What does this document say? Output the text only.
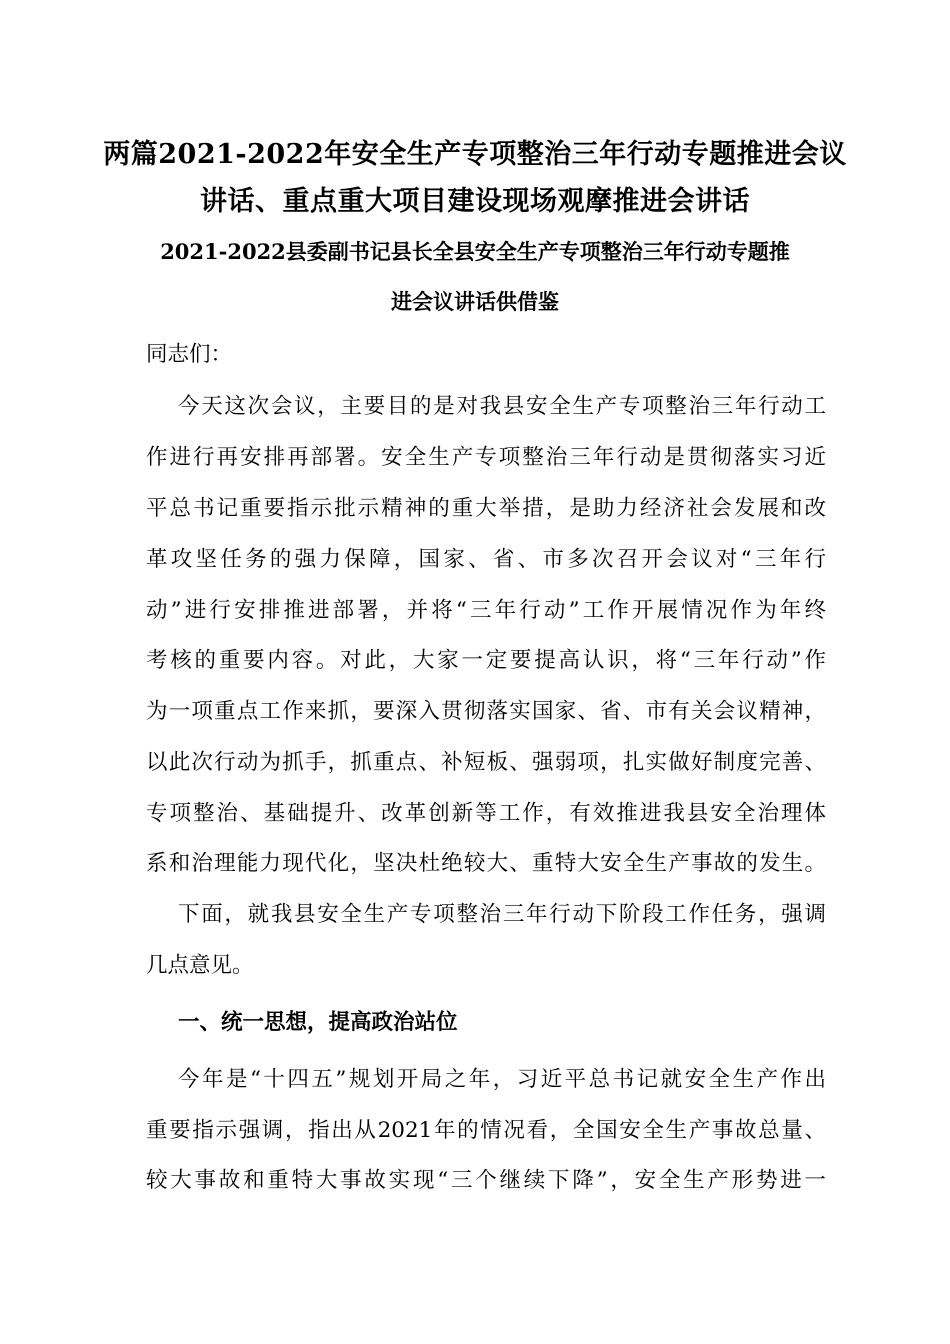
两篇2021-2022年安全生产专项整治三年行动专题推进会议
讲话、重点重大项目建设现场观摩推进会讲话
2021-2022县委副书记县长全县安全生产专项整治三年行动专题推
进会议讲话供借鉴
同志们：
今天这次会议，主要目的是对我县安全生产专项整治三年行动工
作进行再安排再部署。安全生产专项整治三年行动是贯彻落实习近
平总书记重要指示批示精神的重大举措，是助力经济社会发展和改
革攻坚任务的强力保障，国家、省、市多次召开会议对“三年行
动”进行安排推进部署，并将“三年行动”工作开展情况作为年终
考核的重要内容。对此，大家一定要提高认识，将“三年行动”作
为一项重点工作来抓，要深入贯彻落实国家、省、市有关会议精神，
以此次行动为抓手，抓重点、补短板、强弱项，扎实做好制度完善、
专项整治、基础提升、改革创新等工作，有效推进我县安全治理体
系和治理能力现代化，坚决杜绝较大、重特大安全生产事故的发生。
下面，就我县安全生产专项整治三年行动下阶段工作任务，强调
几点意见。
一、统一思想，提高政治站位
今年是“十四五”规划开局之年，习近平总书记就安全生产作出
重要指示强调，指出从2021年的情况看，全国安全生产事故总量、
较大事故和重特大事故实现“三个继续下降”，安全生产形势进一
